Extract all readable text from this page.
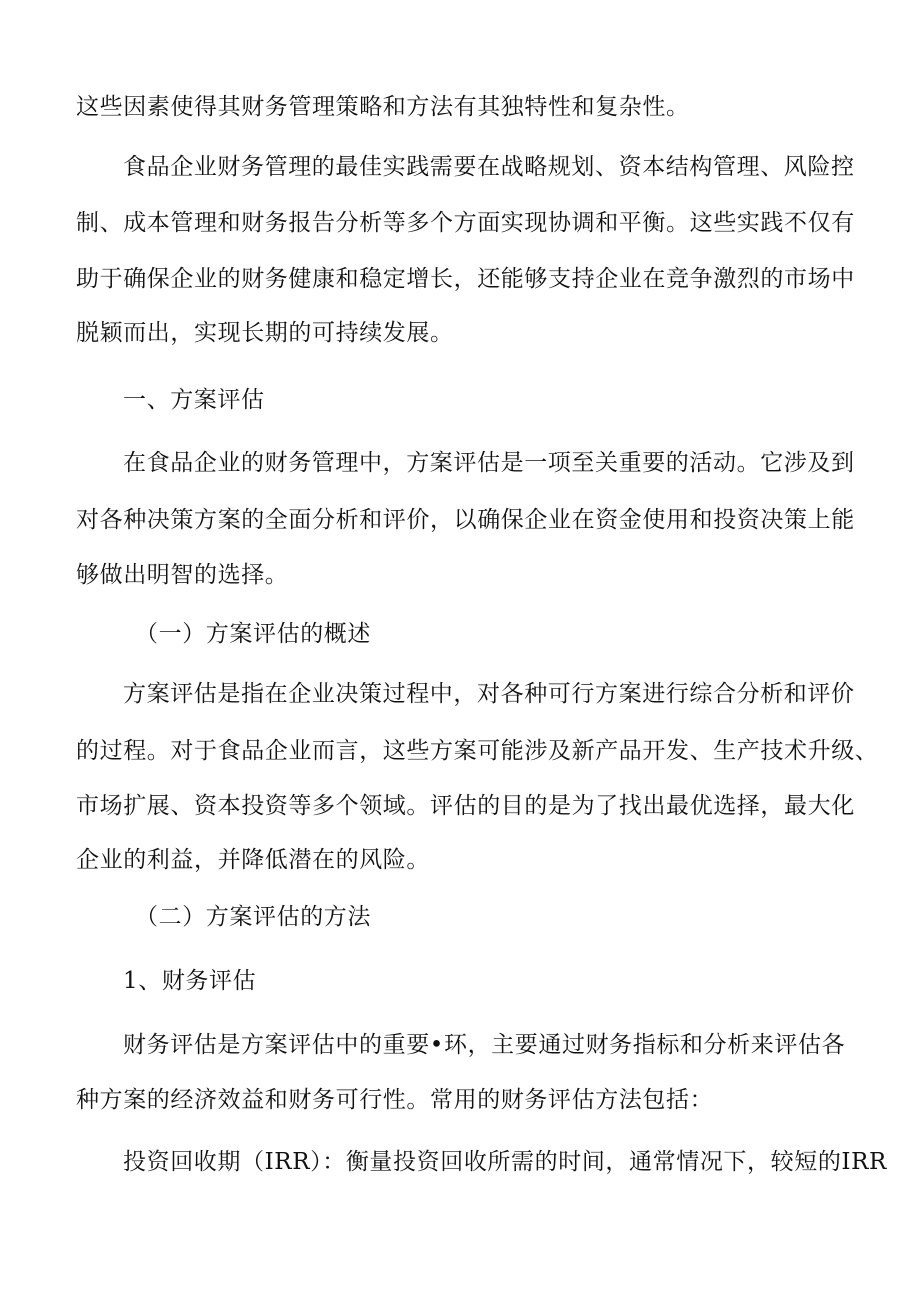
这些因素使得其财务管理策略和方法有其独特性和复杂性。
食品企业财务管理的最佳实践需要在战略规划、资本结构管理、风险控
制、成本管理和财务报告分析等多个方面实现协调和平衡。这些实践不仅有
助于确保企业的财务健康和稳定增长，还能够支持企业在竞争激烈的市场中
脱颖而出，实现长期的可持续发展。
一、方案评估
在食品企业的财务管理中，方案评估是一项至关重要的活动。它涉及到
对各种决策方案的全面分析和评价，以确保企业在资金使用和投资决策上能
够做出明智的选择。
（一）方案评估的概述
方案评估是指在企业决策过程中，对各种可行方案进行综合分析和评价
的过程。对于食品企业而言，这些方案可能涉及新产品开发、生产技术升级、
市场扩展、资本投资等多个领域。评估的目的是为了找出最优选择，最大化
企业的利益，并降低潜在的风险。
（二）方案评估的方法
1、财务评估
财务评估是方案评估中的重要•环，主要通过财务指标和分析来评估各
种方案的经济效益和财务可行性。常用的财务评估方法包括：
投资回收期（IRR）：衡量投资回收所需的时间，通常情况下，较短的IRR
